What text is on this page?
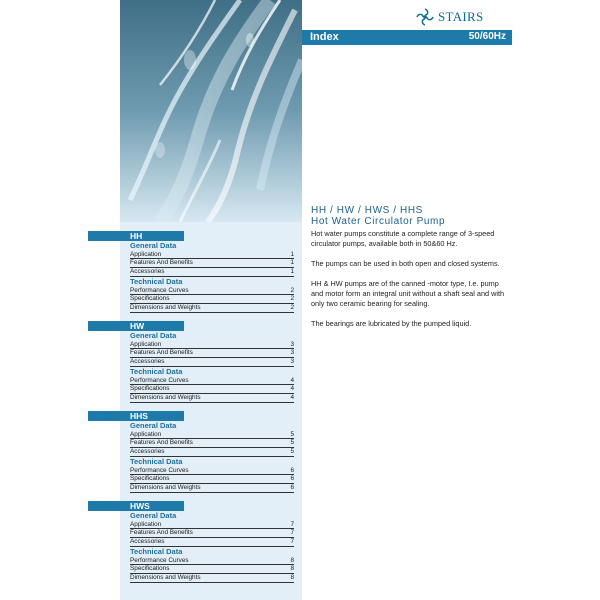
STAIRS
Index	50/60Hz
HH / HW / HWS / HHS
Hot Water Circulator Pump

Hot water pumps constitute a complete range of 3-speed circulator pumps, available both in 50&60 Hz.

The pumps can be used in both open and closed systems.

HH & HW pumps are of the canned -motor type, I.e. pump and motor form an integral unit without a shaft seal and with only two ceramic bearing for sealing.

The bearings are lubricated by the pumped liquid.

HH
General Data
Application	1
Features And Benefits	1
Accessories	1
Technical Data
Performance Curves	2
Specifications	2
Dimensions and Weights	2
HW
General Data
Application	3
Features And Benefits	3
Accessories	3
Technical Data
Performance Curves	4
Specifications	4
Dimensions and Weights	4
HHS
General Data
Application	5
Features And Benefits	5
Accessories	5
Technical Data
Performance Curves	6
Specifications	6
Dimensions and Weights	6
HWS
General Data
Application	7
Features And Benefits	7
Accessories	7
Technical Data
Performance Curves	8
Specifications	8
Dimensions and Weights	8
